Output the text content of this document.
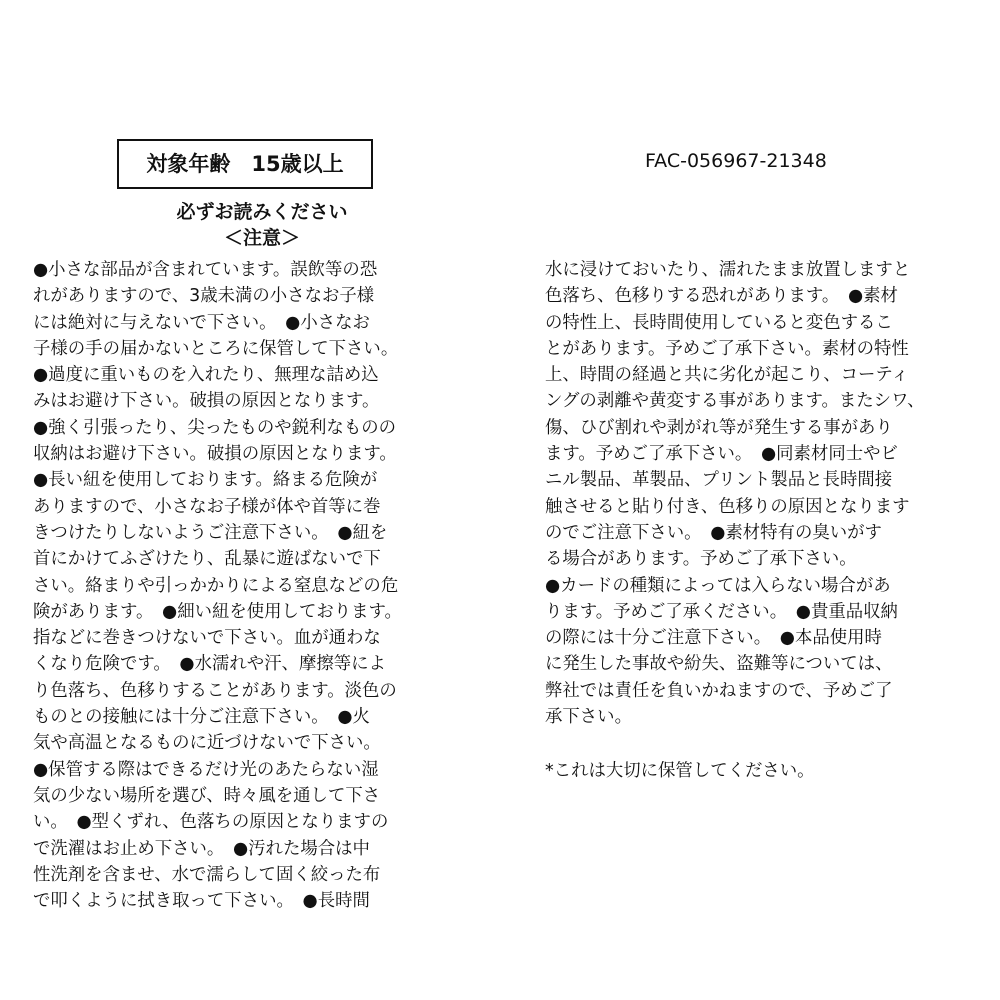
対象年齢　15歳以上	FAC-056967-21348
必ずお読みください
＜注意＞
●小さな部品が含まれています。誤飲等の恐
れがありますので、3歳未満の小さなお子様
には絶対に与えないで下さい。　●小さなお
子様の手の届かないところに保管して下さい。
●過度に重いものを入れたり、無理な詰め込
みはお避け下さい。破損の原因となります。
●強く引張ったり、尖ったものや鋭利なものの
収納はお避け下さい。破損の原因となります。
●長い紐を使用しております。絡まる危険が
ありますので、小さなお子様が体や首等に巻
きつけたりしないようご注意下さい。　●紐を
首にかけてふざけたり、乱暴に遊ばないで下
さい。絡まりや引っかかりによる窒息などの危
険があります。　●細い紐を使用しております。
指などに巻きつけないで下さい。血が通わな
くなり危険です。　●水濡れや汗、摩擦等によ
り色落ち、色移りすることがあります。淡色の
ものとの接触には十分ご注意下さい。　●火
気や高温となるものに近づけないで下さい。
●保管する際はできるだけ光のあたらない湿
気の少ない場所を選び、時々風を通して下さ
い。　●型くずれ、色落ちの原因となりますの
で洗濯はお止め下さい。　●汚れた場合は中
性洗剤を含ませ、水で濡らして固く絞った布
で叩くように拭き取って下さい。　●長時間
水に浸けておいたり、濡れたまま放置しますと
色落ち、色移りする恐れがあります。　●素材
の特性上、長時間使用していると変色するこ
とがあります。予めご了承下さい。素材の特性
上、時間の経過と共に劣化が起こり、コーティ
ングの剥離や黄変する事があります。またシワ、
傷、ひび割れや剥がれ等が発生する事があり
ます。予めご了承下さい。　●同素材同士やビ
ニル製品、革製品、プリント製品と長時間接
触させると貼り付き、色移りの原因となります
のでご注意下さい。　●素材特有の臭いがす
る場合があります。予めご了承下さい。
●カードの種類によっては入らない場合があ
ります。予めご了承ください。　●貴重品収納
の際には十分ご注意下さい。　●本品使用時
に発生した事故や紛失、盗難等については、
弊社では責任を負いかねますので、予めご了
承下さい。
*これは大切に保管してください。
